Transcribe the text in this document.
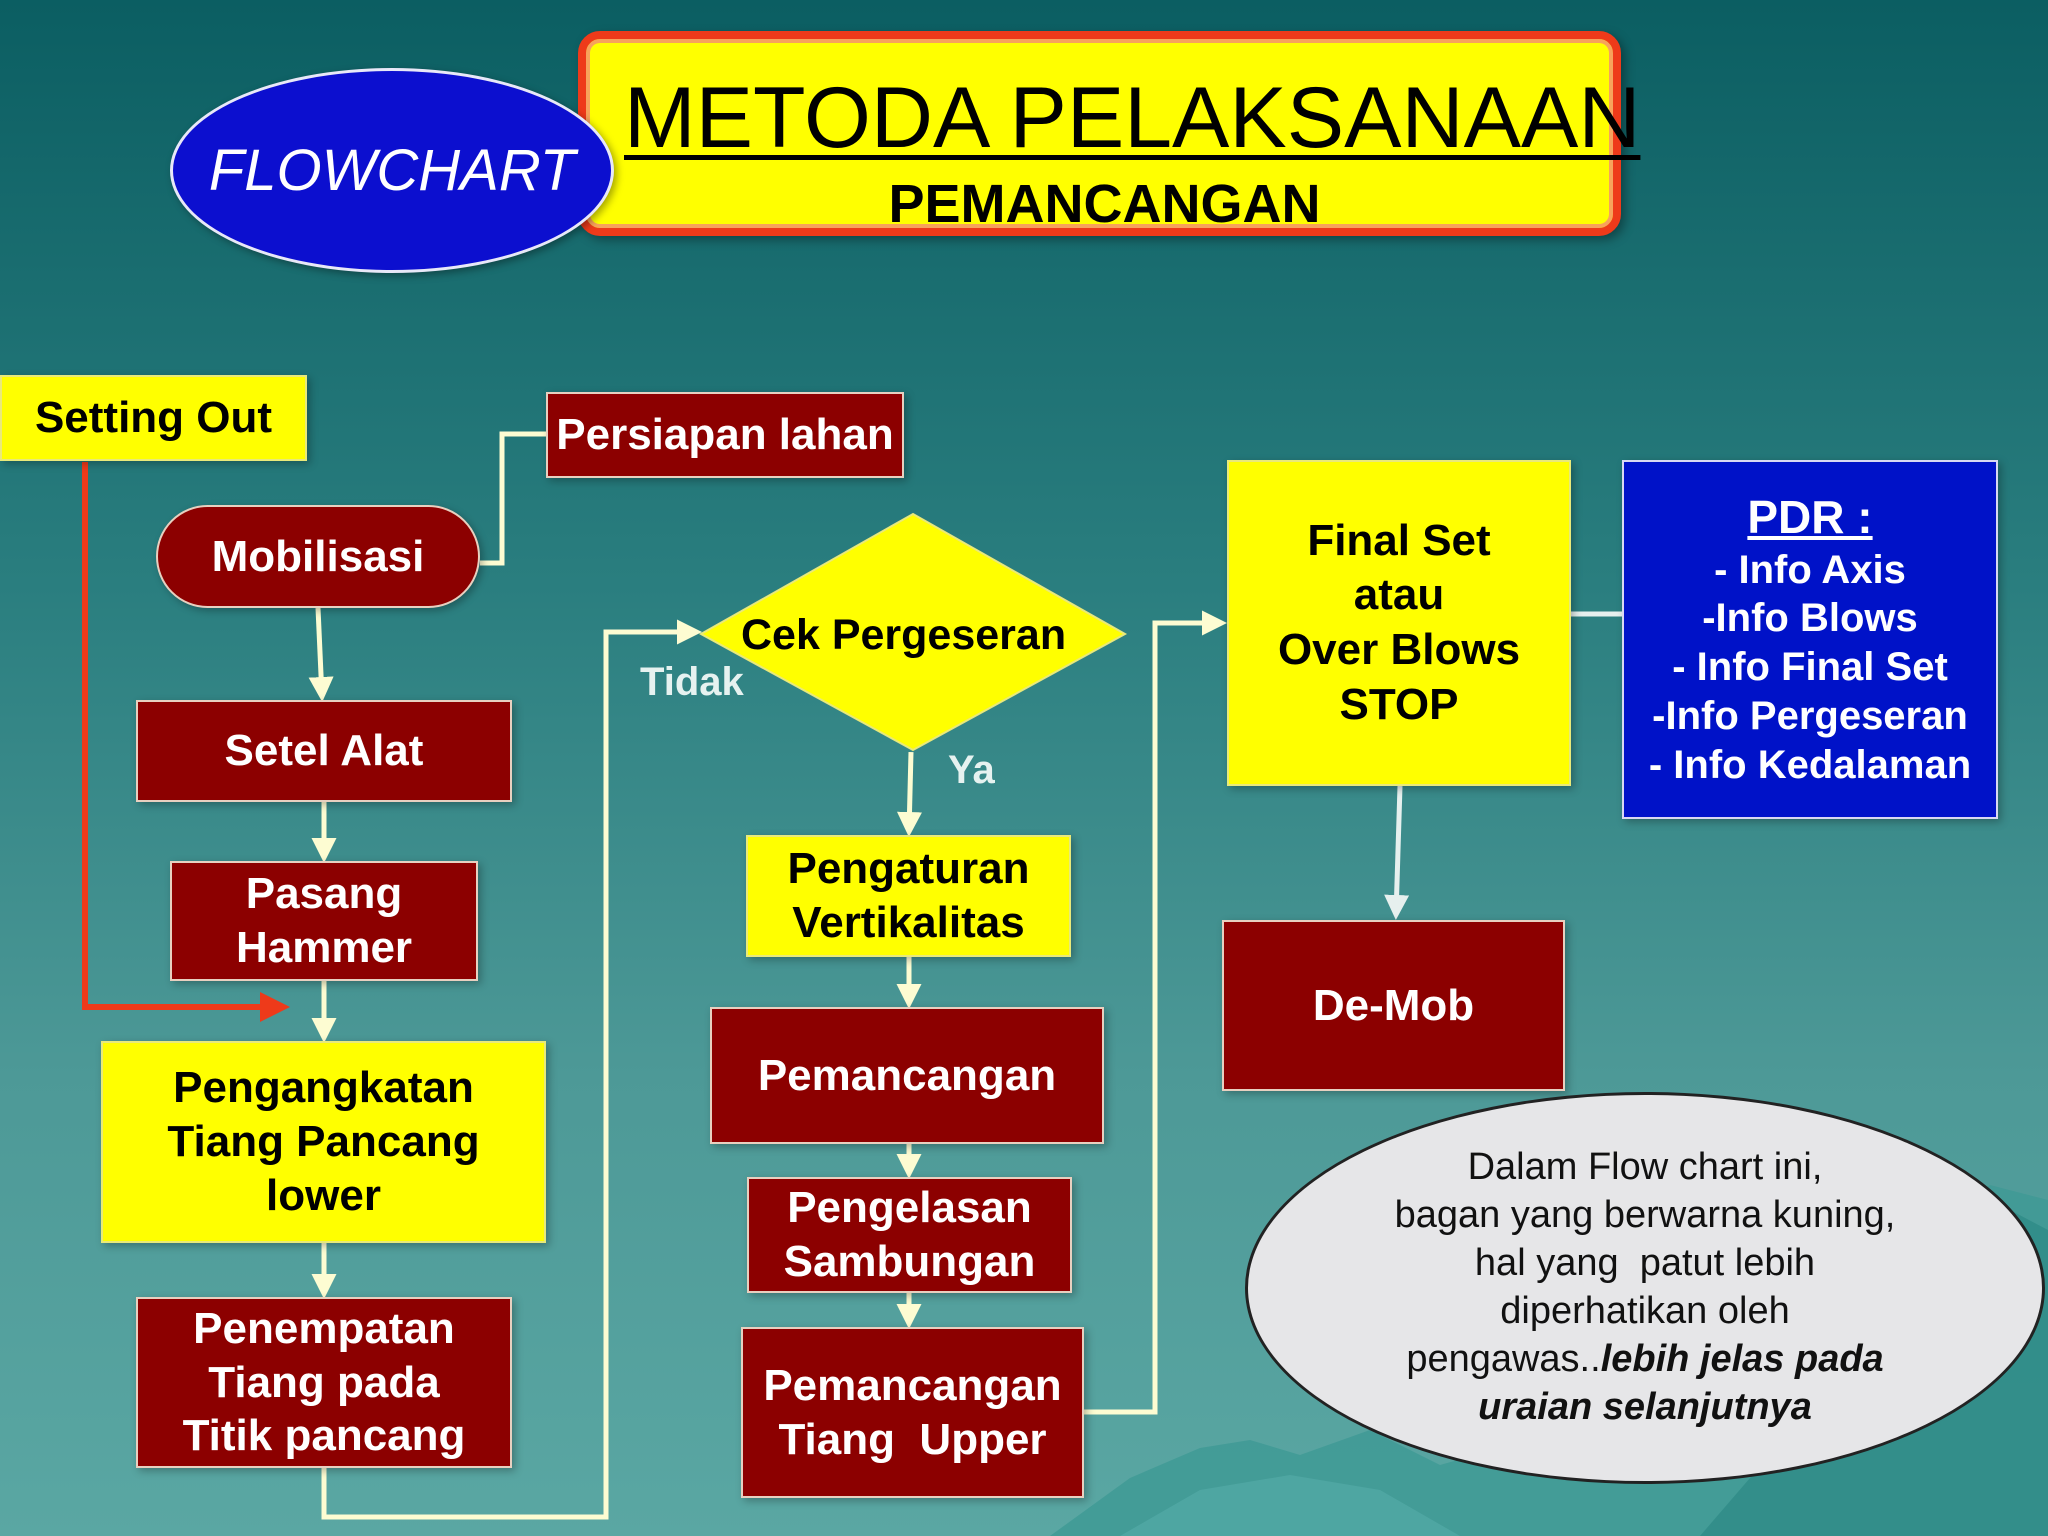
METODA PELAKSANAAN
PEMANCANGAN
FLOWCHART
Setting Out	Persiapan lahan
Mobilisasi
Setel Alat
Pasang
Hammer
Pengangkatan
Tiang Pancang
lower
Penempatan
Tiang pada
Titik pancang
Cek Pergeseran
Tidak
Ya
Pengaturan
Vertikalitas
Pemancangan
Pengelasan
Sambungan
Pemancangan
Tiang  Upper
Final Set
atau
Over Blows
STOP
PDR :
- Info Axis
-Info Blows
- Info Final Set
-Info Pergeseran
- Info Kedalaman
De-Mob
Dalam Flow chart ini,
bagan yang berwarna kuning,
hal yang  patut lebih
diperhatikan oleh
pengawas..lebih jelas pada
uraian selanjutnya
